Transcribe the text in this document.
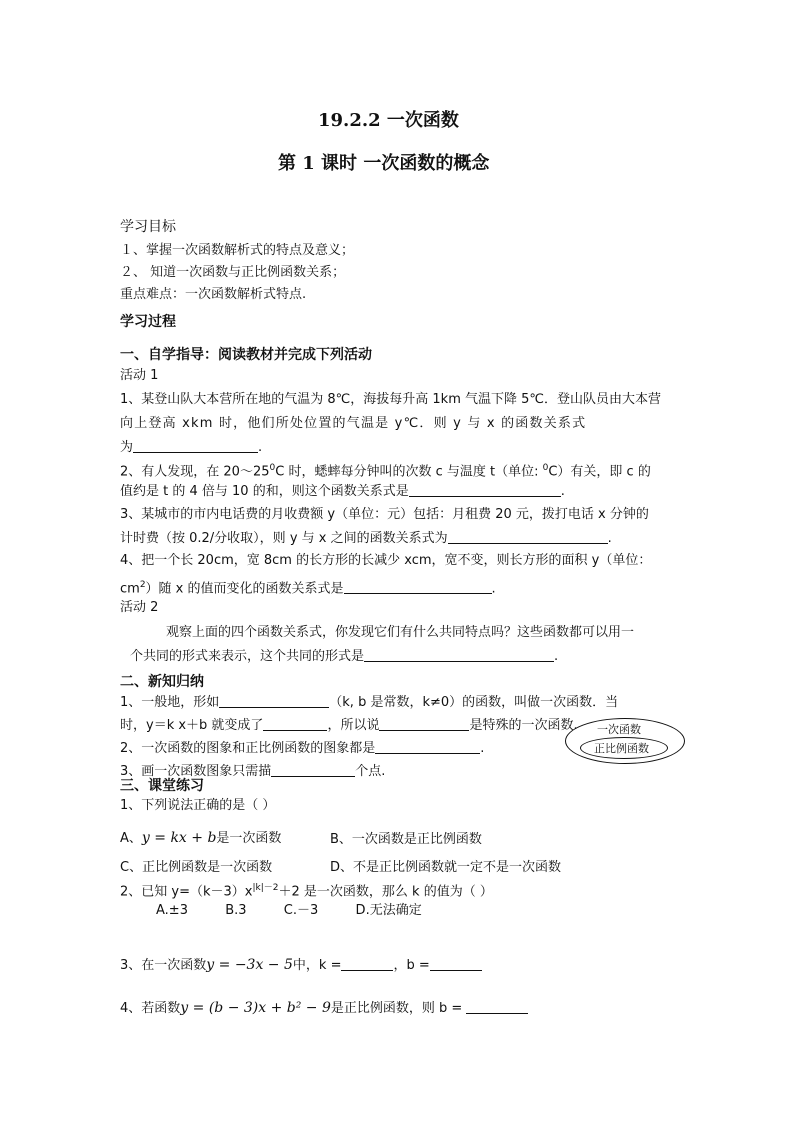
19.2.2 一次函数
第 1 课时 一次函数的概念
学习目标
１、掌握一次函数解析式的特点及意义；
２、 知道一次函数与正比例函数关系；
重点难点：一次函数解析式特点.
学习过程
一、自学指导：阅读教材并完成下列活动
活动 1
1、某登山队大本营所在地的气温为 8℃，海拔每升高 1km 气温下降 5℃．登山队员由大本营
向上登高 xkm 时，他们所处位置的气温是 y℃．则 y 与 x 的函数关系式
为	.
2、有人发现，在 $20\sim 25^0C$ 时，蟋蟀每分钟叫的次数 c 与温度 t（单位: $^0$C）有关，即 c 的
值约是 t 的 4 倍与 10 的和，则这个函数关系式是	.
3、某城市的市内电话费的月收费额 y（单位：元）包括：月租费 20 元，拨打电话 x 分钟的
计时费（按 0.2/分收取），则 y 与 x 之间的函数关系式为	.
4、把一个长 20cm，宽 8cm 的长方形的长减少 xcm，宽不变，则长方形的面积 y（单位：
$cm^2$）随 x 的值而变化的函数关系式是	.
活动 2
观察上面的四个函数关系式，你发现它们有什么共同特点吗？这些函数都可以用一
个共同的形式来表示，这个共同的形式是	.
二、新知归纳
1、一般地，形如	（k, b 是常数，k≠0）的函数，叫做一次函数．当
时，y＝k x＋b 就变成了	，所以说	是特殊的一次函数.
2、一次函数的图象和正比例函数的图象都是	.
3、画一次函数图象只需描	个点.
一次函数
正比例函数
三、课堂练习
1、下列说法正确的是（ ）
A、y = kx + b是一次函数	B、一次函数是正比例函数
C、正比例函数是一次函数	D、不是正比例函数就一定不是一次函数
2、已知 $y=(k-3)x^{|k|-2}+2$ 是一次函数，那么 k 的值为（ ）
A.±3 　 B.3 　 C.－3 　 D.无法确定
3、在一次函数y = −3x − 5中，k =	，b =
4、若函数y = (b − 3)x + b² − 9是正比例函数，则 b =
